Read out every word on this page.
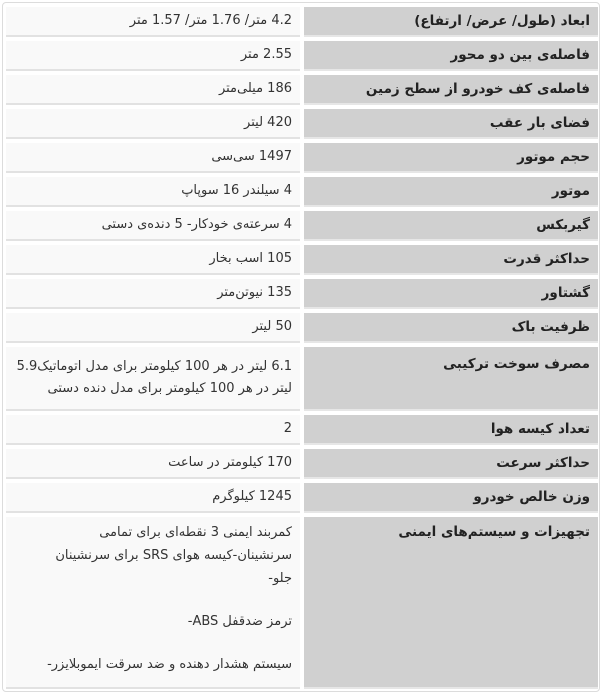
ابعاد (طول/ عرض/ ارتفاع)	4.2 متر/ 1.76 متر/ 1.57 متر
فاصله‌ی بین دو محور	2.55 متر
فاصله‌ی کف خودرو از سطح زمین	186 میلی‌متر
فضای بار عقب	420 لیتر
حجم موتور	1497 سی‌سی
موتور	4 سیلندر 16 سوپاپ
گیربکس	4 سرعته‌ی خودکار- 5 دنده‌ی دستی
حداکثر قدرت	105 اسب بخار
گشتاور	135 نیوتن‌متر
ظرفیت باک	50 لیتر
مصرف سوخت ترکیبی	6.1 لیتر در هر 100 کیلومتر برای مدل اتوماتیک5.9
لیتر در هر 100 کیلومتر برای مدل دنده دستی

تعداد کیسه هوا	2
حداکثر سرعت	170 کیلومتر در ساعت
وزن خالص خودرو	1245 کیلوگرم
تجهیزات و سیستم‌های ایمنی	کمربند ایمنی 3 نقطه‌ای برای تمامی
سرنشینان-کیسه هوای SRS برای سرنشینان
جلو-
ترمز ضدقفل ABS-
سیستم هشدار دهنده و ضد سرقت ایموبلایزر-
